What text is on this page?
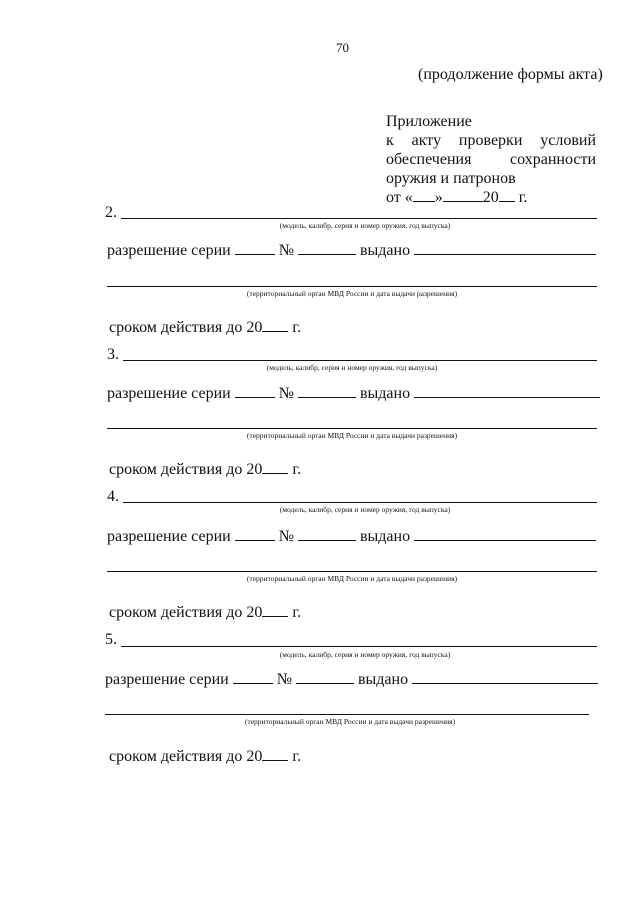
70
(продолжение формы акта)
Приложение
к акту проверки условий
обеспечения сохранности
оружия и патронов
от « »	20 г.
2.
(модель, калибр, серия и номер оружия, год выпуска)
разрешение серии	№	выдано
(территориальный орган МВД России и дата выдачи разрешения)
сроком действия до 20 г.
3.
(модель, калибр, серия и номер оружия, год выпуска)
разрешение серии	№	выдано
(территориальный орган МВД России и дата выдачи разрешения)
сроком действия до 20 г.
4.
(модель, калибр, серия и номер оружия, год выпуска)
разрешение серии	№	выдано
(территориальный орган МВД России и дата выдачи разрешения)
сроком действия до 20 г.
5.
(модель, калибр, серия и номер оружия, год выпуска)
разрешение серии	№	выдано
(территориальный орган МВД России и дата выдачи разрешения)
сроком действия до 20 г.
